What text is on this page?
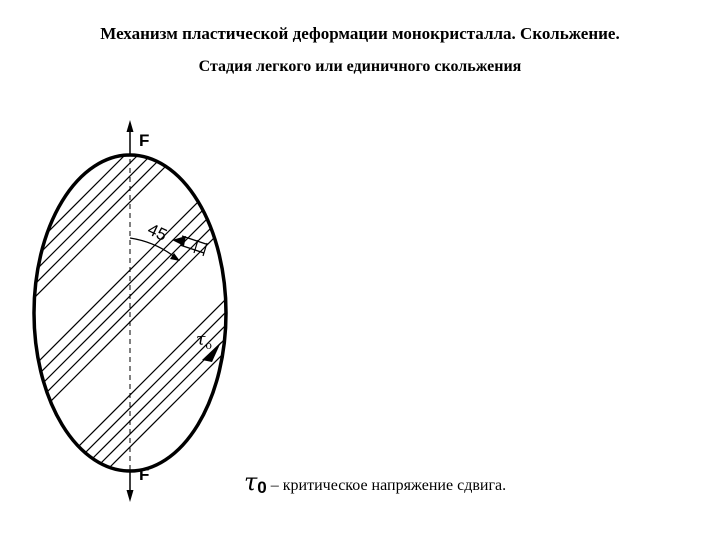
Механизм пластической деформации монокристалла. Скольжение.
Стадия легкого или единичного скольжения
F
F
45
$\tau_o$
$\tau_0$ – критическое напряжение сдвига.
